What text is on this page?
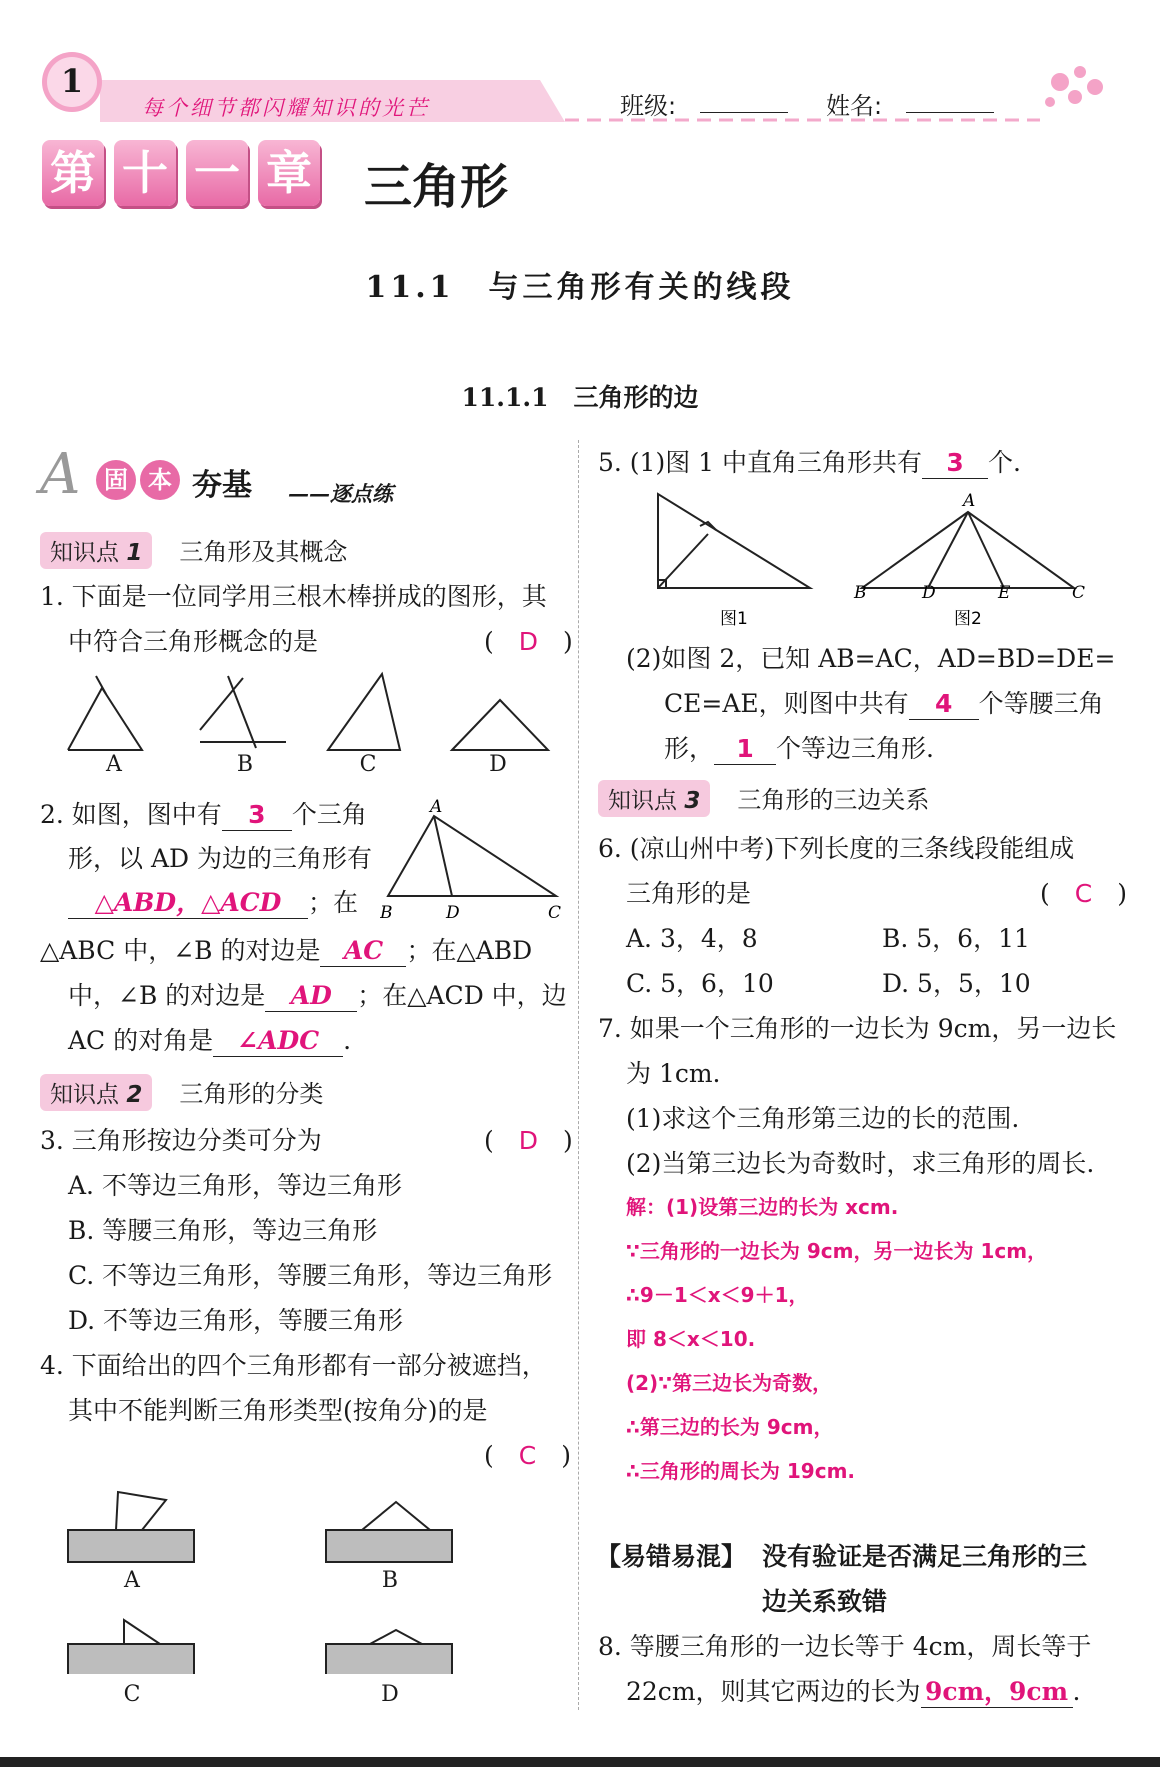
1
每个细节都闪耀知识的光芒	班级:	姓名:
第 十 一 章 三角形
11.1　与三角形有关的线段
11.1.1　三角形的边
A 固 本 夯基 ——逐点练
知识点 1 三角形及其概念
1. 下面是一位同学用三根木棒拼成的图形，其
中符合三角形概念的是	(　D　)
A	B	C	D
2. 如图，图中有 3 个三角
形，以 AD 为边的三角形有
△ABD，△ACD ；在
△ABC 中，∠B 的对边是 AC ；在△ABD
中，∠B 的对边是 AD ；在△ACD 中，边
AC 的对角是 ∠ADC .
A
B	D	C
知识点 2 三角形的分类
3. 三角形按边分类可分为	(　D　)
A. 不等边三角形，等边三角形
B. 等腰三角形，等边三角形
C. 不等边三角形，等腰三角形，等边三角形
D. 不等边三角形，等腰三角形
4. 下面给出的四个三角形都有一部分被遮挡，
其中不能判断三角形类型(按角分)的是
(　C　)
A	B
C	D
5. (1)图 1 中直角三角形共有 3 个.
A
B	D	E	C
图1	图2
(2)如图 2，已知 AB=AC，AD=BD=DE=
CE=AE，则图中共有 4 个等腰三角
形， 1 个等边三角形.
知识点 3 三角形的三边关系
6. (凉山州中考)下列长度的三条线段能组成
三角形的是	(　C　)
A. 3，4，8	B. 5，6，11
C. 5，6，10	D. 5，5，10
7. 如果一个三角形的一边长为 9cm，另一边长
为 1cm.
(1)求这个三角形第三边的长的范围.
(2)当第三边长为奇数时，求三角形的周长.
解：(1)设第三边的长为 xcm.
∵三角形的一边长为 9cm，另一边长为 1cm，
∴9－1＜x＜9＋1，
即 8＜x＜10.
(2)∵第三边长为奇数，
∴第三边的长为 9cm，
∴三角形的周长为 19cm.
【易错易混】 没有验证是否满足三角形的三
边关系致错
8. 等腰三角形的一边长等于 4cm，周长等于
22cm，则其它两边的长为 9cm，9cm .
